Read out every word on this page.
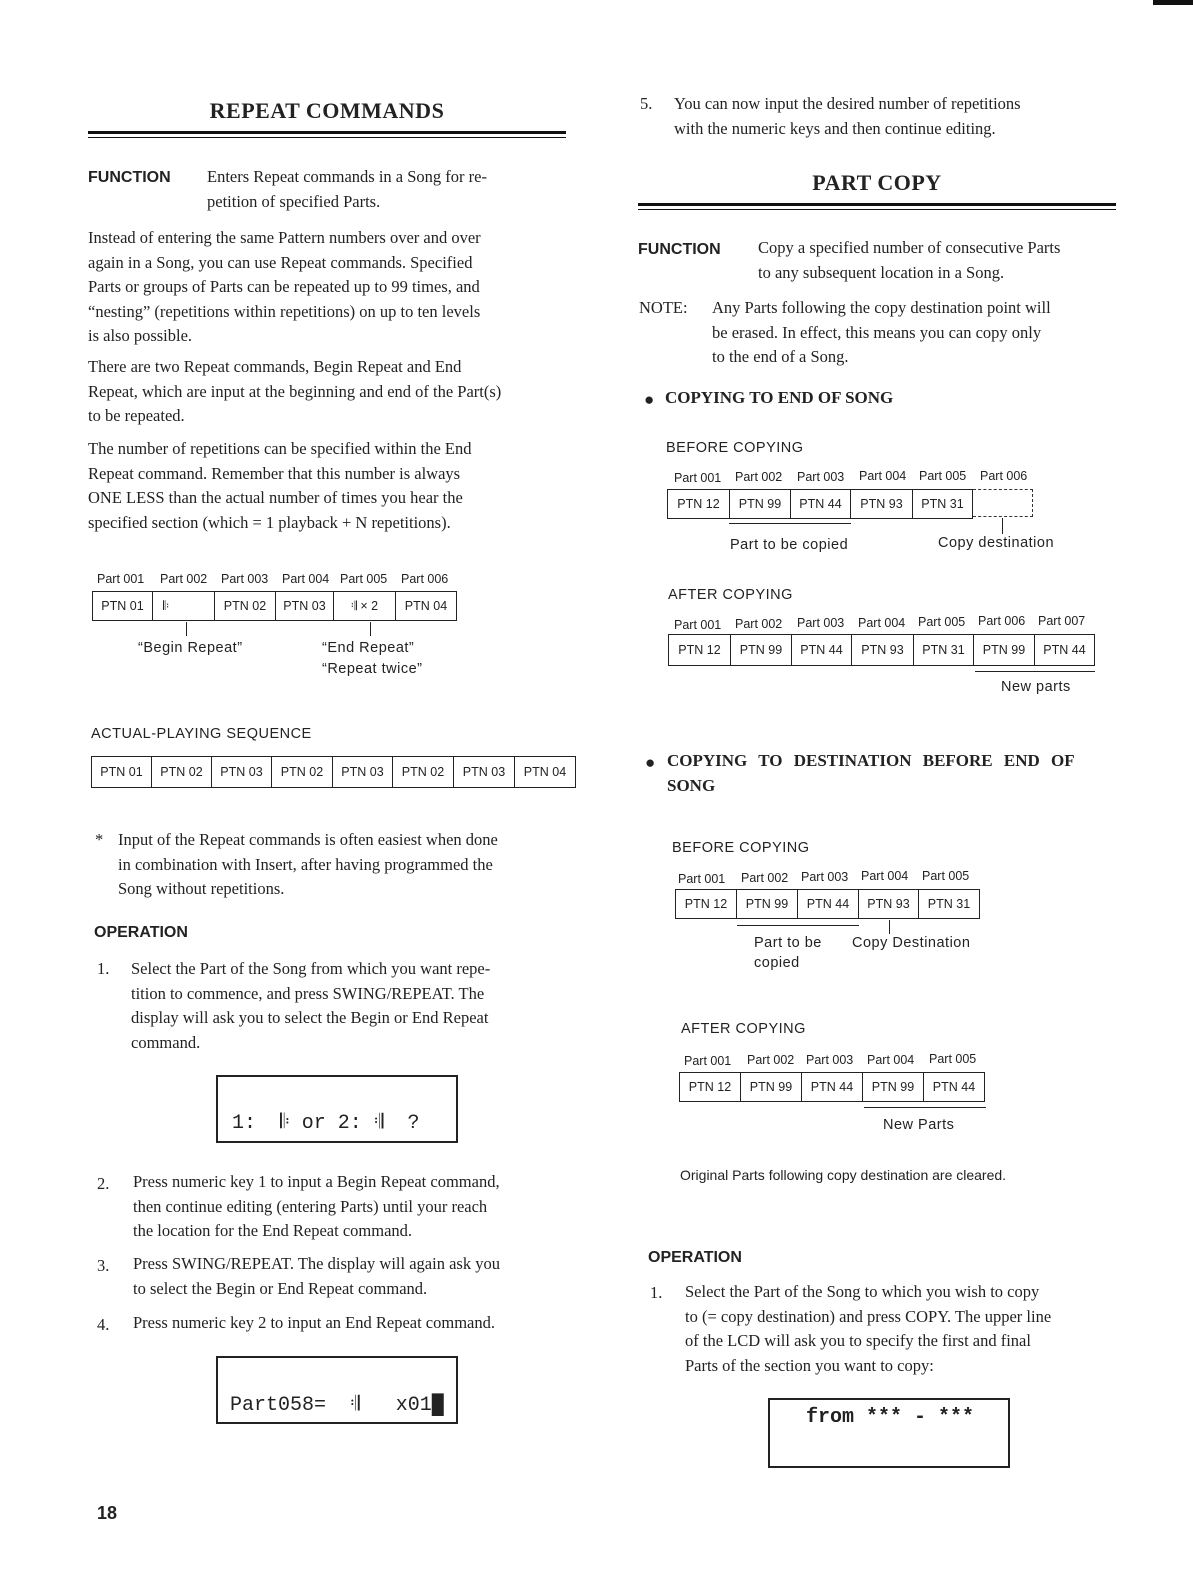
REPEAT COMMANDS
FUNCTION Enters Repeat commands in a Song for re-
petition of specified Parts.
Instead of entering the same Pattern numbers over and over
again in a Song, you can use Repeat commands. Specified
Parts or groups of Parts can be repeated up to 99 times, and
“nesting” (repetitions within repetitions) on up to ten levels
is also possible.
There are two Repeat commands, Begin Repeat and End
Repeat, which are input at the beginning and end of the Part(s)
to be repeated.
The number of repetitions can be specified within the End
Repeat command. Remember that this number is always
ONE LESS than the actual number of times you hear the
specified section (which = 1 playback + N repetitions).
Part 001 Part 002 Part 003 Part 004 Part 005 Part 006
PTN 01	𝄆	PTN 02	PTN 03	𝄇 × 2	PTN 04
“Begin Repeat”	“End Repeat”
“Repeat twice”
ACTUAL-PLAYING SEQUENCE
PTN 01	PTN 02	PTN 03	PTN 02	PTN 03	PTN 02	PTN 03	PTN 04
* Input of the Repeat commands is often easiest when done
in combination with Insert, after having programmed the
Song without repetitions.
OPERATION
1. Select the Part of the Song from which you want repe-
tition to commence, and press SWING/REPEAT. The
display will ask you to select the Begin or End Repeat
command.
1:  𝄆 or 2: 𝄇  ?
2. Press numeric key 1 to input a Begin Repeat command,
then continue editing (entering Parts) until your reach
the location for the End Repeat command.
3. Press SWING/REPEAT. The display will again ask you
to select the Begin or End Repeat command.
4. Press numeric key 2 to input an End Repeat command.
Part058=  𝄇   x01█
18
5. You can now input the desired number of repetitions
with the numeric keys and then continue editing.
PART COPY
FUNCTION Copy a specified number of consecutive Parts
to any subsequent location in a Song.
NOTE: Any Parts following the copy destination point will
be erased. In effect, this means you can copy only
to the end of a Song.
● COPYING TO END OF SONG
BEFORE COPYING
Part 001 Part 002 Part 003 Part 004 Part 005 Part 006
PTN 12	PTN 99	PTN 44	PTN 93	PTN 31
Part to be copied	Copy destination
AFTER COPYING
Part 001 Part 002 Part 003 Part 004 Part 005 Part 006 Part 007
PTN 12	PTN 99	PTN 44	PTN 93	PTN 31	PTN 99	PTN 44
New parts
● COPYING TO DESTINATION BEFORE END OF
SONG
BEFORE COPYING
Part 001 Part 002 Part 003 Part 004 Part 005
PTN 12	PTN 99	PTN 44	PTN 93	PTN 31
Part to be
copied
Copy Destination
AFTER COPYING
Part 001 Part 002 Part 003 Part 004 Part 005
PTN 12	PTN 99	PTN 44	PTN 99	PTN 44
New Parts
Original Parts following copy destination are cleared.
OPERATION
1. Select the Part of the Song to which you wish to copy
to (= copy destination) and press COPY. The upper line
of the LCD will ask you to specify the first and final
Parts of the section you want to copy:
from *** - ***
